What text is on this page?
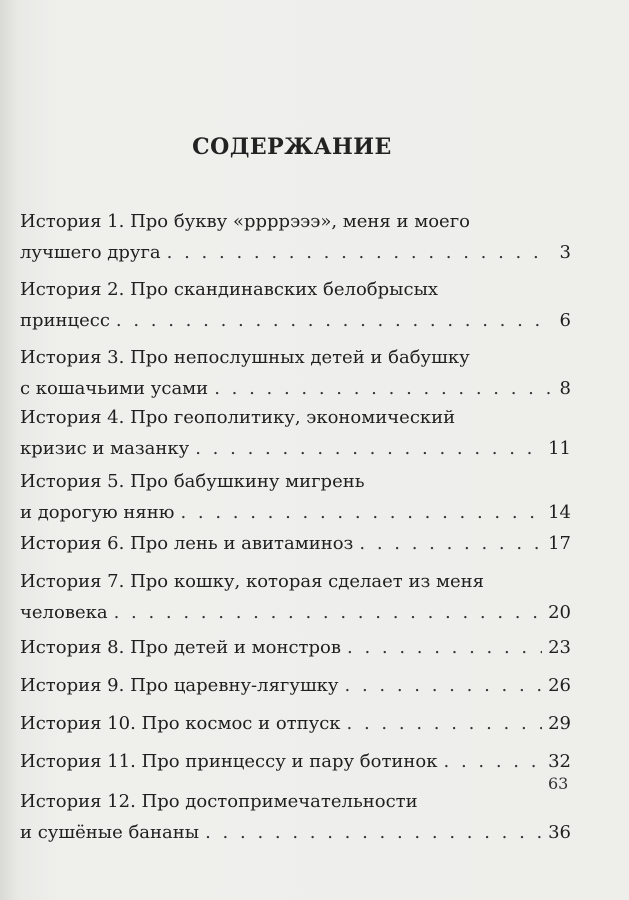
СОДЕРЖАНИЕ
История 1. Про букву «ррррэээ», меня и моего
лучшего друга . . .	3
История 2. Про скандинавских белобрысых
принцесс . . .	6
История 3. Про непослушных детей и бабушку
с кошачьими усами . . .	8
История 4. Про геополитику, экономический
кризис и мазанку . . .	11
История 5. Про бабушкину мигрень
и дорогую няню . . .	14
История 6. Про лень и авитаминоз . . .	17
История 7. Про кошку, которая сделает из меня
человека . . .	20
История 8. Про детей и монстров . . .	23
История 9. Про царевну-лягушку . . .	26
История 10. Про космос и отпуск . . .	29
История 11. Про принцессу и пару ботинок . . .	32
История 12. Про достопримечательности
и сушёные бананы . . .	36
63
